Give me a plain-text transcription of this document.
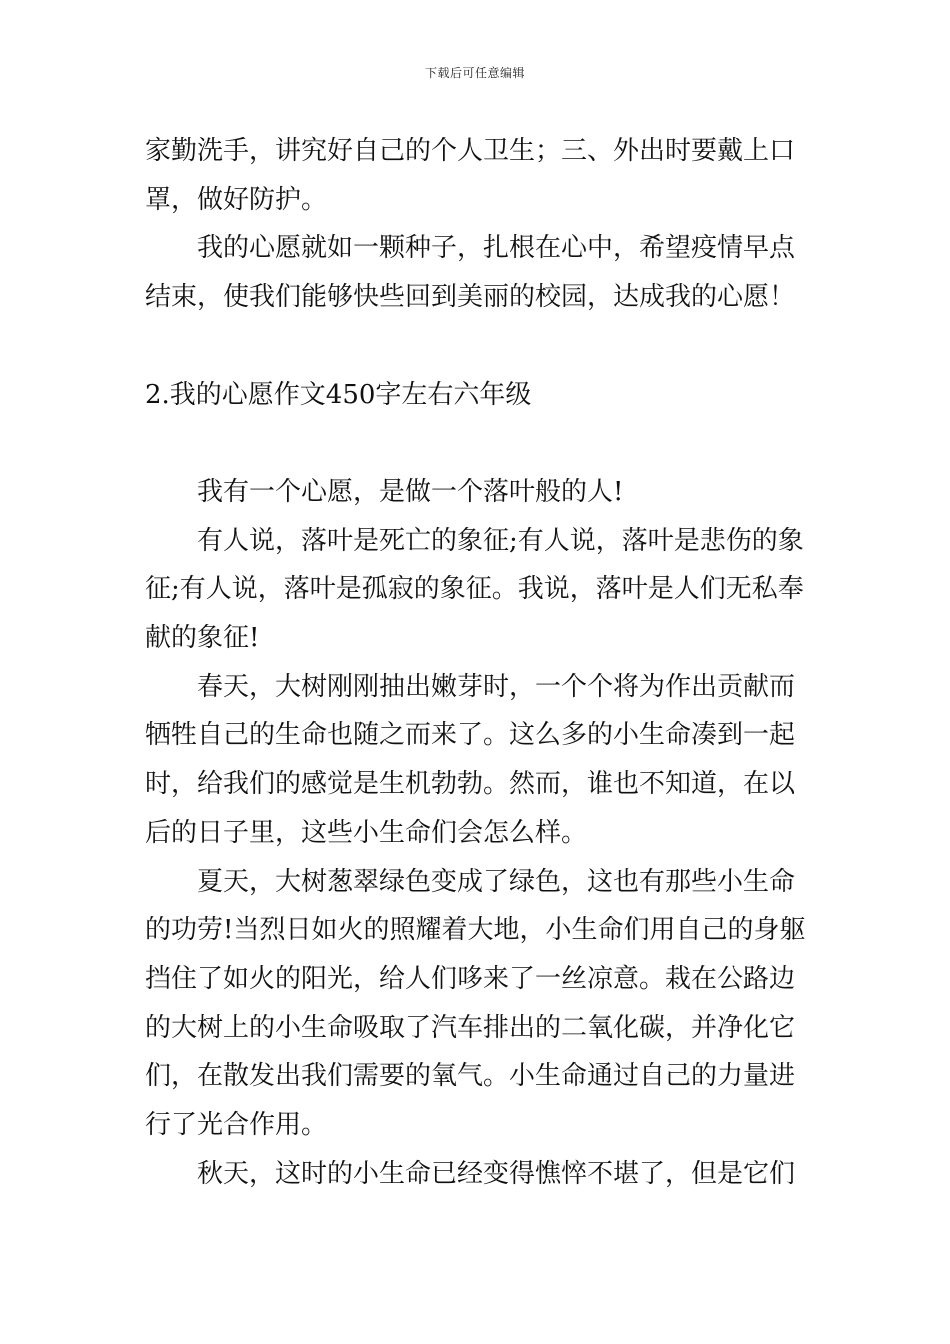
下载后可任意编辑

家勤洗手，讲究好自己的个人卫生；三、外出时要戴上口罩，做好防护。

我的心愿就如一颗种子，扎根在心中，希望疫情早点结束，使我们能够快些回到美丽的校园，达成我的心愿！

2.我的心愿作文450字左右六年级

我有一个心愿，是做一个落叶般的人!

有人说，落叶是死亡的象征;有人说，落叶是悲伤的象征;有人说，落叶是孤寂的象征。我说，落叶是人们无私奉献的象征!

春天，大树刚刚抽出嫩芽时，一个个将为作出贡献而牺牲自己的生命也随之而来了。这么多的小生命凑到一起时，给我们的感觉是生机勃勃。然而，谁也不知道，在以后的日子里，这些小生命们会怎么样。

夏天，大树葱翠绿色变成了绿色，这也有那些小生命的功劳!当烈日如火的照耀着大地，小生命们用自己的身躯挡住了如火的阳光，给人们哆来了一丝凉意。栽在公路边的大树上的小生命吸取了汽车排出的二氧化碳，并净化它们，在散发出我们需要的氧气。小生命通过自己的力量进行了光合作用。

秋天，这时的小生命已经变得憔悴不堪了，但是它们
